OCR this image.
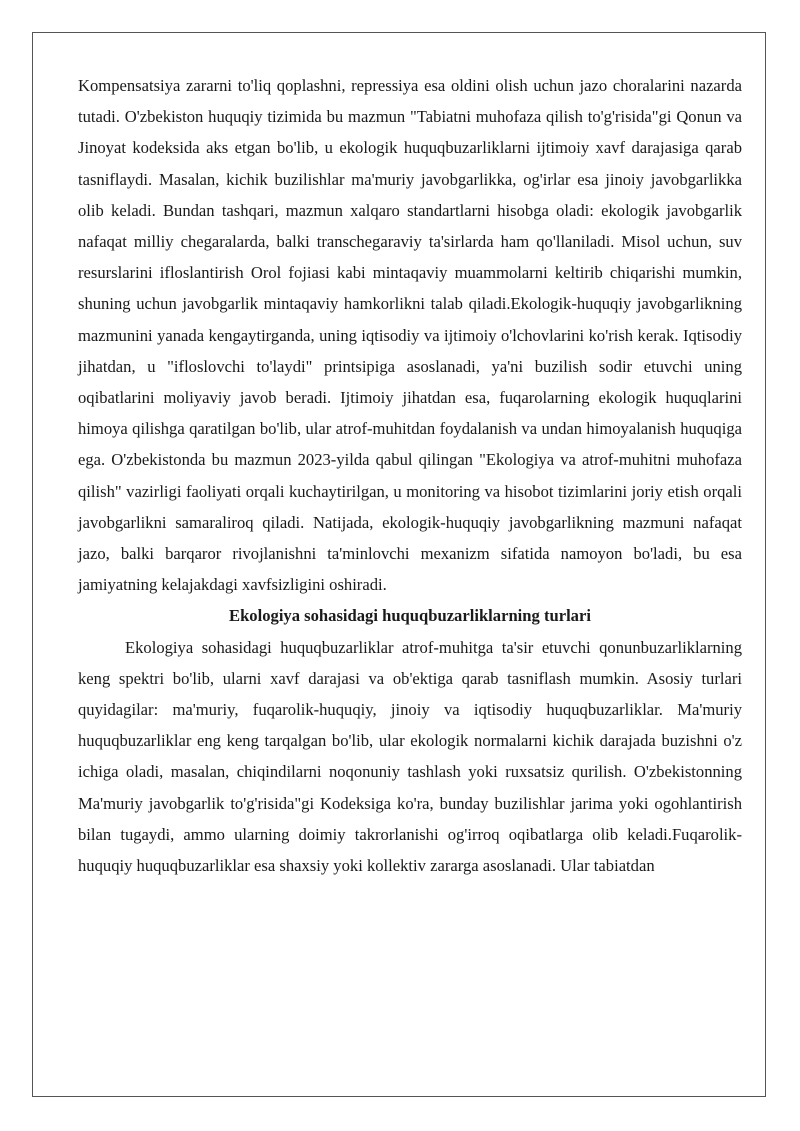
Kompensatsiya zararni to'liq qoplashni, repressiya esa oldini olish uchun jazo choralarini nazarda tutadi. O'zbekiston huquqiy tizimida bu mazmun "Tabiatni muhofaza qilish to'g'risida"gi Qonun va Jinoyat kodeksida aks etgan bo'lib, u ekologik huquqbuzarliklarni ijtimoiy xavf darajasiga qarab tasniflaydi. Masalan, kichik buzilishlar ma'muriy javobgarlikka, og'irlar esa jinoiy javobgarlikka olib keladi. Bundan tashqari, mazmun xalqaro standartlarni hisobga oladi: ekologik javobgarlik nafaqat milliy chegaralarda, balki transchegaraviy ta'sirlarda ham qo'llaniladi. Misol uchun, suv resurslarini ifloslantirish Orol fojiasi kabi mintaqaviy muammolarni keltirib chiqarishi mumkin, shuning uchun javobgarlik mintaqaviy hamkorlikni talab qiladi.Ekologik-huquqiy javobgarlikning mazmunini yanada kengaytirganda, uning iqtisodiy va ijtimoiy o'lchovlarini ko'rish kerak. Iqtisodiy jihatdan, u "ifloslovchi to'laydi" printsipiga asoslanadi, ya'ni buzilish sodir etuvchi uning oqibatlarini moliyaviy javob beradi. Ijtimoiy jihatdan esa, fuqarolarning ekologik huquqlarini himoya qilishga qaratilgan bo'lib, ular atrof-muhitdan foydalanish va undan himoyalanish huquqiga ega. O'zbekistonda bu mazmun 2023-yilda qabul qilingan "Ekologiya va atrof-muhitni muhofaza qilish" vazirligi faoliyati orqali kuchaytirilgan, u monitoring va hisobot tizimlarini joriy etish orqali javobgarlikni samaraliroq qiladi. Natijada, ekologik-huquqiy javobgarlikning mazmuni nafaqat jazo, balki barqaror rivojlanishni ta'minlovchi mexanizm sifatida namoyon bo'ladi, bu esa jamiyatning kelajakdagi xavfsizligini oshiradi.

Ekologiya sohasidagi huquqbuzarliklarning turlari

Ekologiya sohasidagi huquqbuzarliklar atrof-muhitga ta'sir etuvchi qonunbuzarliklarning keng spektri bo'lib, ularni xavf darajasi va ob'ektiga qarab tasniflash mumkin. Asosiy turlari quyidagilar: ma'muriy, fuqarolik-huquqiy, jinoiy va iqtisodiy huquqbuzarliklar. Ma'muriy huquqbuzarliklar eng keng tarqalgan bo'lib, ular ekologik normalarni kichik darajada buzishni o'z ichiga oladi, masalan, chiqindilarni noqonuniy tashlash yoki ruxsatsiz qurilish. O'zbekistonning Ma'muriy javobgarlik to'g'risida"gi Kodeksiga ko'ra, bunday buzilishlar jarima yoki ogohlantirish bilan tugaydi, ammo ularning doimiy takrorlanishi og'irroq oqibatlarga olib keladi.Fuqarolik-huquqiy huquqbuzarliklar esa shaxsiy yoki kollektiv zararga asoslanadi. Ular tabiatdan
